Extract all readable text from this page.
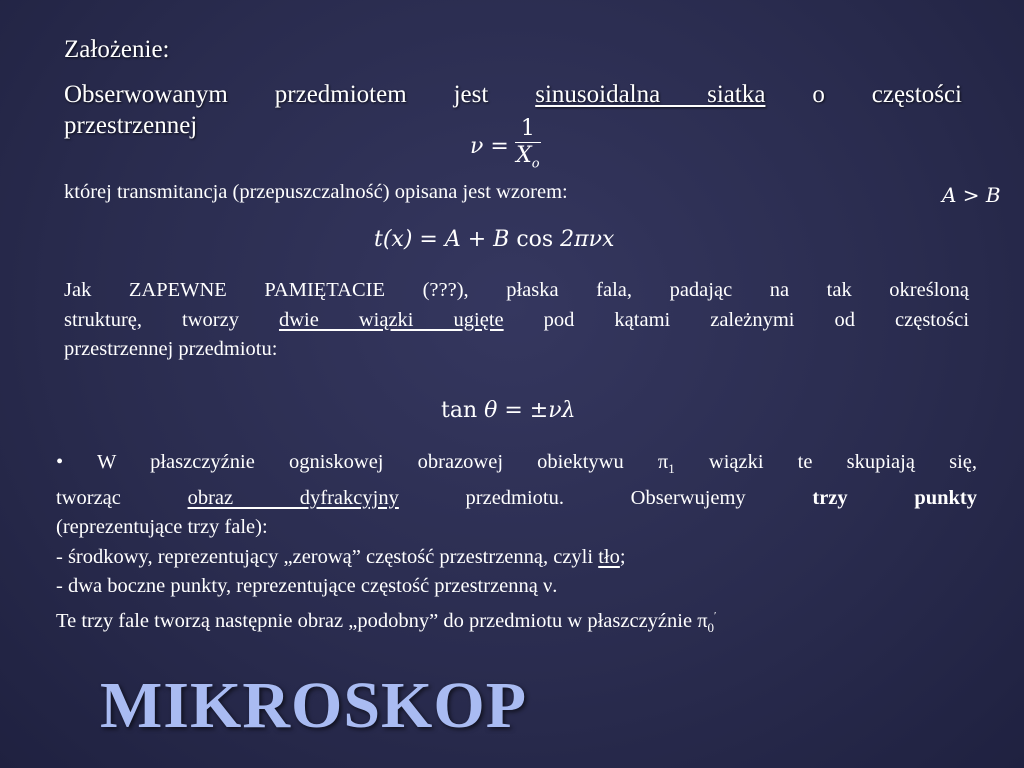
Założenie:
Obserwowanym przedmiotem jest sinusoidalna siatka o częstości
przestrzennej
$\nu = \frac{1}{X_o}$
której transmitancja (przepuszczalność) opisana jest wzorem:	A > B
t(x) = A + B cos 2πνx
Jak ZAPEWNE PAMIĘTACIE (???), płaska fala, padając na tak określoną
strukturę, tworzy dwie wiązki ugięte pod kątami zależnymi od częstości
przestrzennej przedmiotu:
tan θ = ±νλ
• W płaszczyźnie ogniskowej obrazowej obiektywu $\pi_1$ wiązki te skupiają się,
tworząc	obraz dyfrakcyjny	przedmiotu. Obserwujemy	trzy punkty
(reprezentujące trzy fale):
- środkowy, reprezentujący „zerową” częstość przestrzenną, czyli tło;
- dwa boczne punkty, reprezentujące częstość przestrzenną ν.
Te trzy fale tworzą następnie obraz „podobny” do przedmiotu w płaszczyźnie $\pi_0'$
MIKROSKOP
